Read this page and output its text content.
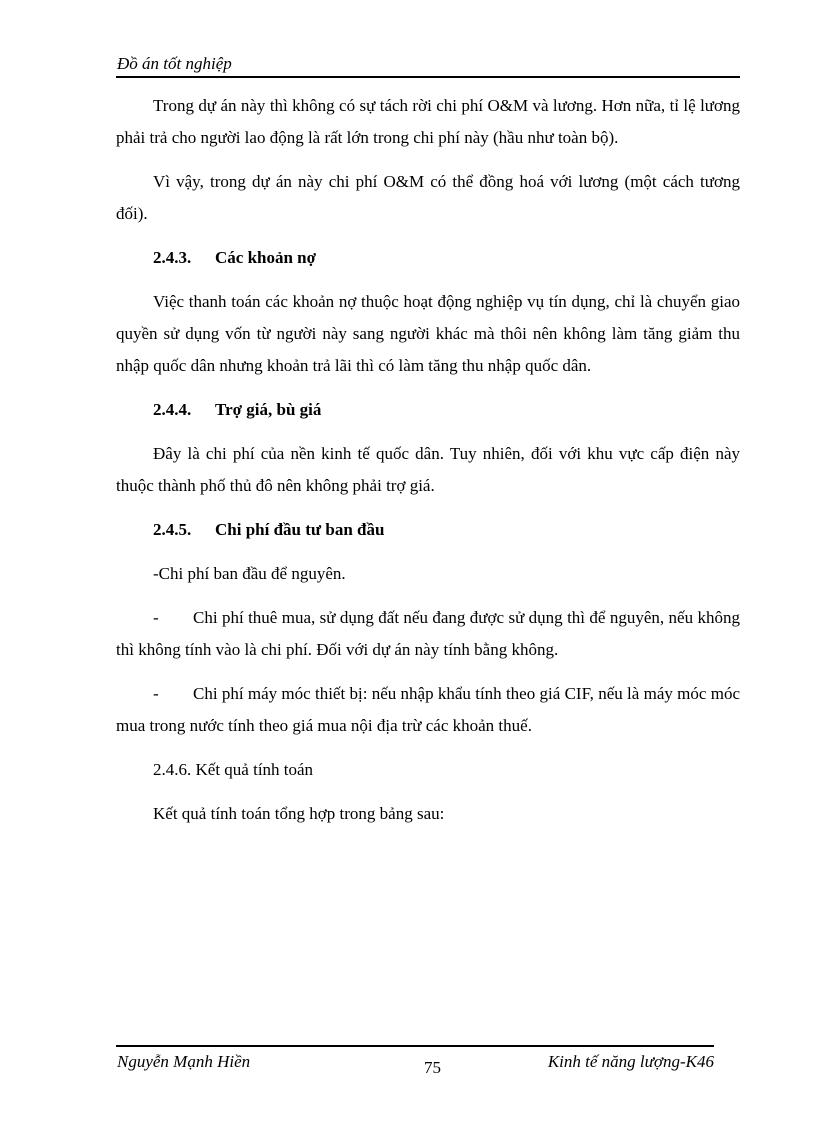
Đồ án tốt nghiệp

Trong dự án này thì không có sự tách rời chi phí O&M và lương. Hơn nữa, tỉ lệ lương phải trả cho người lao động là rất lớn trong chi phí này (hầu như toàn bộ).

Vì vậy, trong dự án này chi phí O&M có thể đồng hoá với lương (một cách tương đối).

2.4.3. Các khoản nợ

Việc thanh toán các khoản nợ thuộc hoạt động nghiệp vụ tín dụng, chỉ là chuyển giao quyền sử dụng vốn từ người này sang người khác mà thôi nên không làm tăng giảm thu nhập quốc dân nhưng khoản trả lãi thì có làm tăng thu nhập quốc dân.

2.4.4. Trợ giá, bù giá

Đây là chi phí của nền kinh tế quốc dân. Tuy nhiên, đối với khu vực cấp điện này thuộc thành phố thủ đô nên không phải trợ giá.

2.4.5. Chi phí đầu tư ban đầu
-Chi phí ban đầu để nguyên.

- Chi phí thuê mua, sử dụng đất nếu đang được sử dụng thì để nguyên, nếu không thì không tính vào là chi phí. Đối với dự án này tính bằng không.

- Chi phí máy móc thiết bị: nếu nhập khẩu tính theo giá CIF, nếu là máy móc móc mua trong nước tính theo giá mua nội địa trừ các khoản thuế.

2.4.6. Kết quả tính toán

Kết quả tính toán tổng hợp trong bảng sau:

Nguyễn Mạnh Hiền	75	Kinh tế năng lượng-K46
